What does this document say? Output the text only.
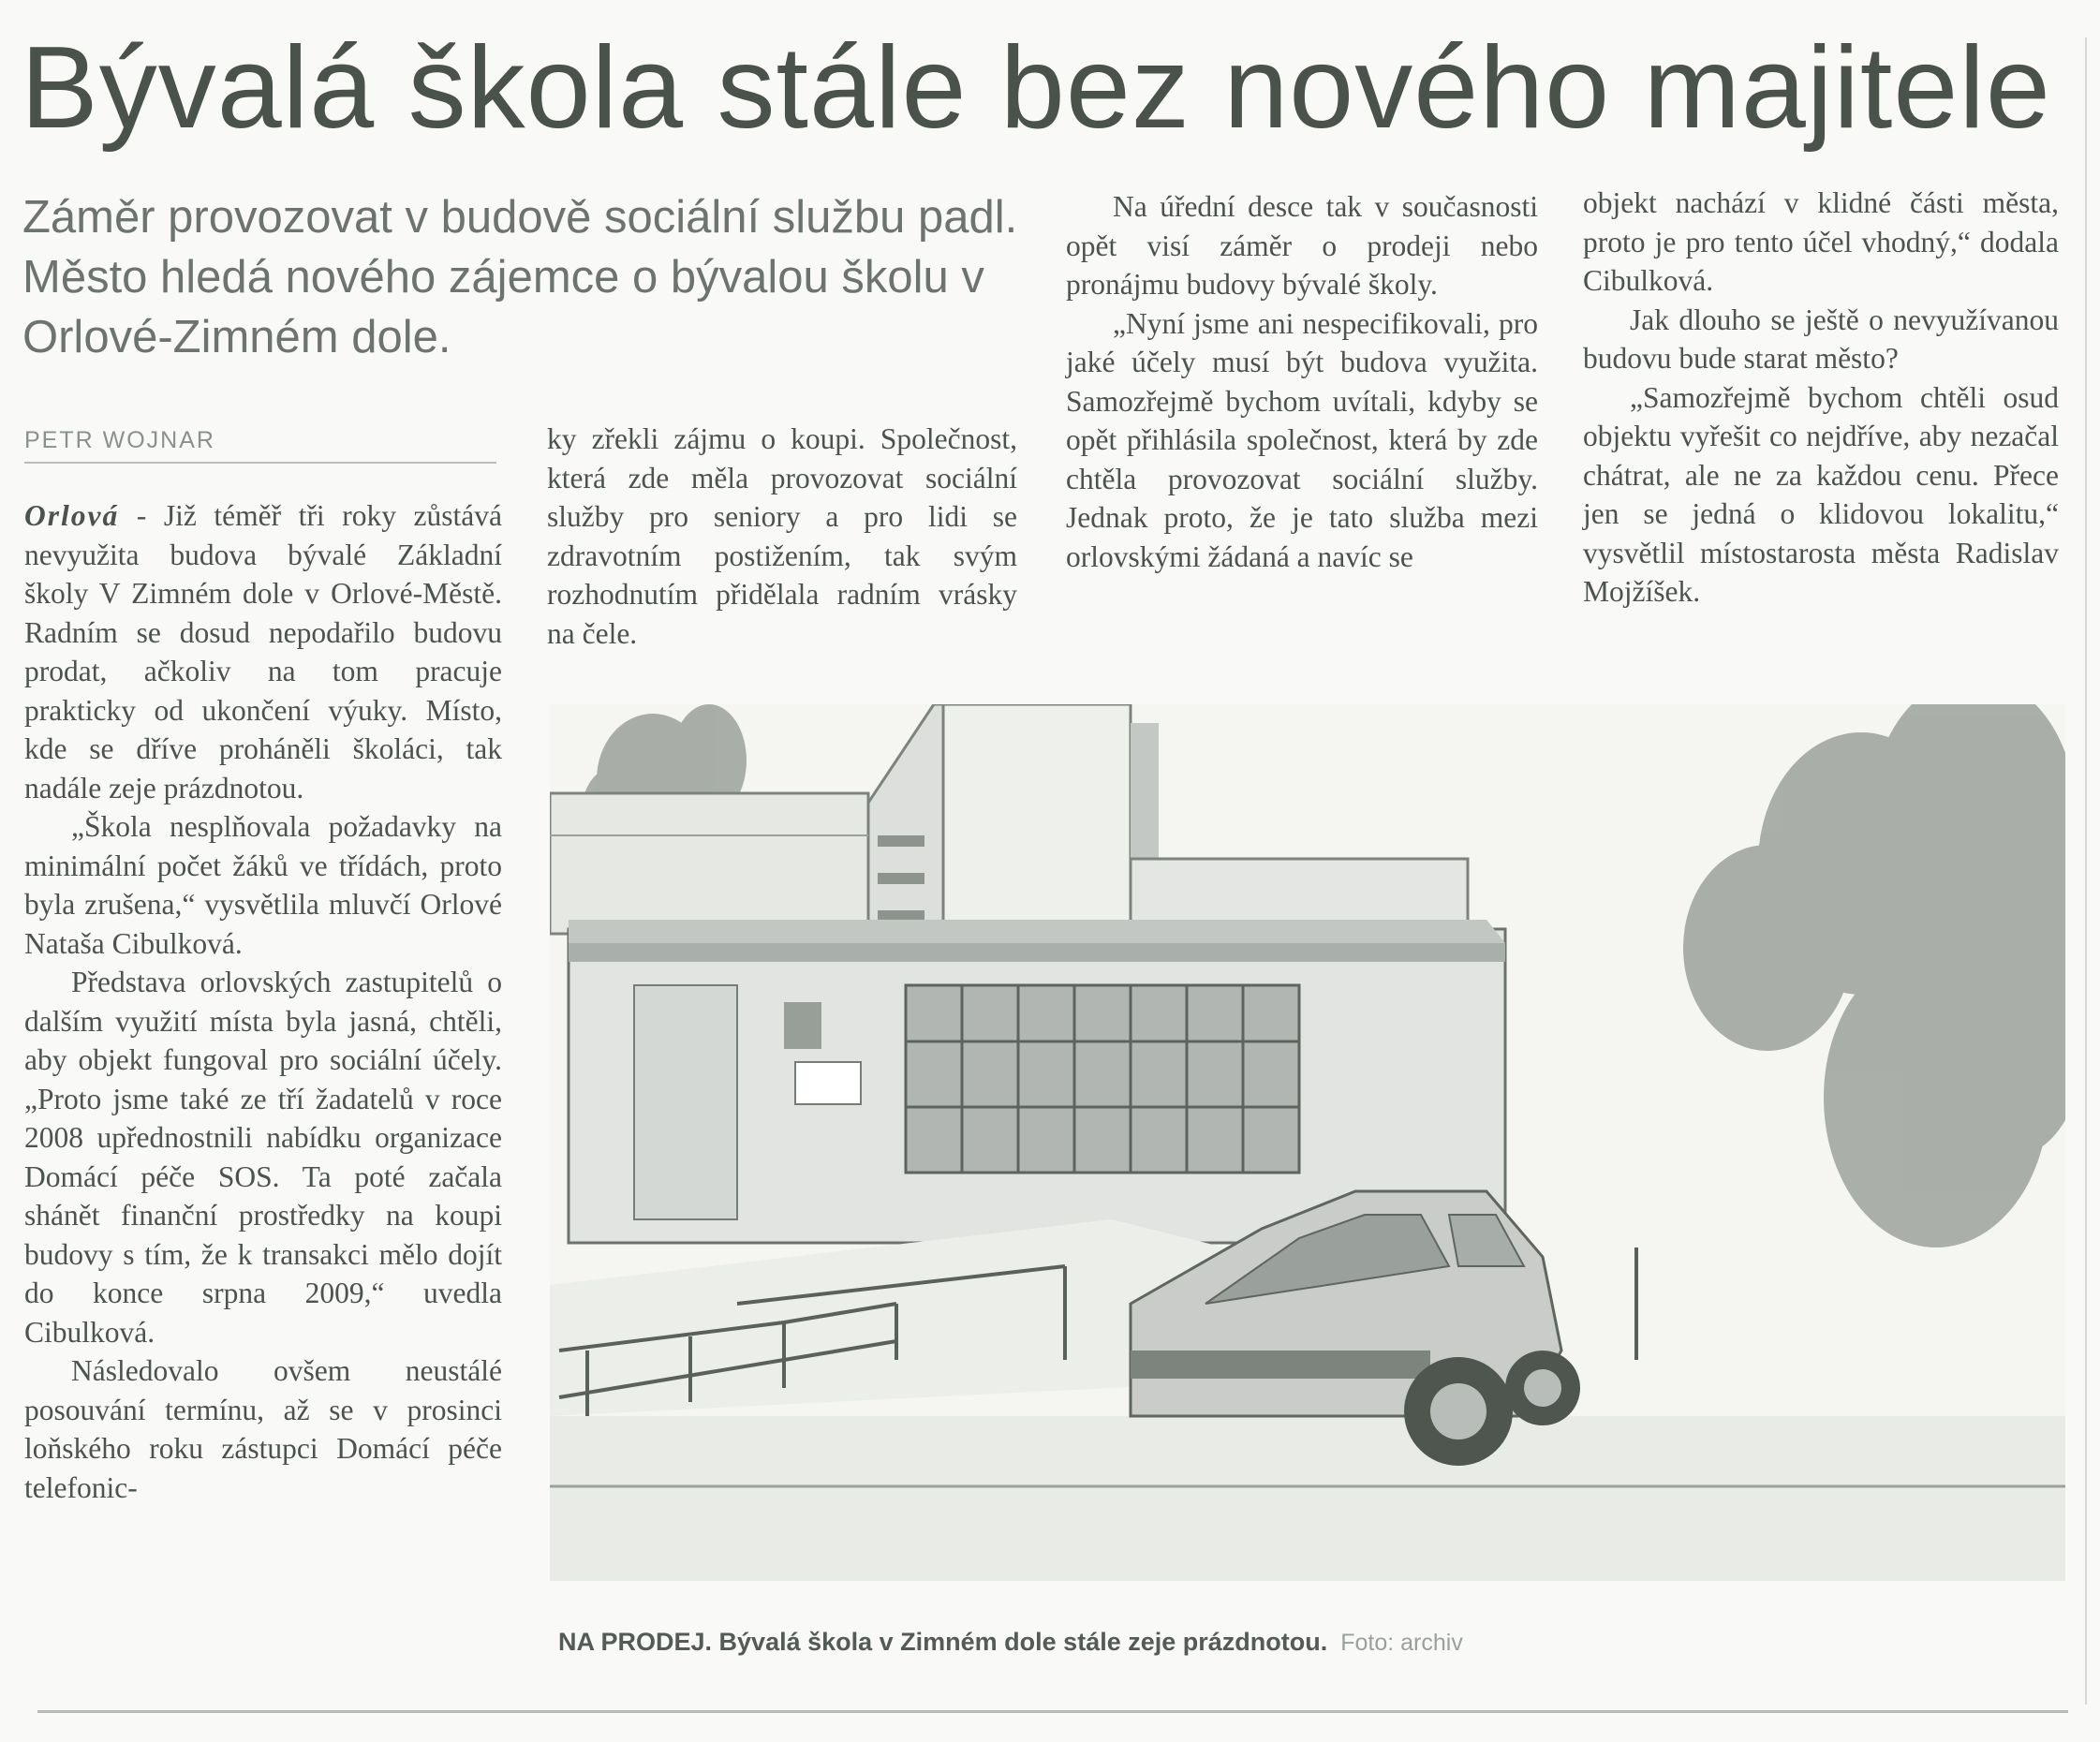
Bývalá škola stále bez nového majitele

Záměr provozovat v budově sociální službu padl. Město hledá nového zájemce o bývalou školu v Orlové-Zimném dole.

PETR WOJNAR

Orlová - Již téměř tři roky zůstává nevyužita budova bývalé Základní školy V Zimném dole v Orlové-Městě. Radním se dosud nepodařilo budovu prodat, ačkoliv na tom pracuje prakticky od ukončení výuky. Místo, kde se dříve proháněli školáci, tak nadále zeje prázdnotou.

„Škola nesplňovala požadavky na minimální počet žáků ve třídách, proto byla zrušena,“ vysvětlila mluvčí Orlové Nataša Cibulková.

Představa orlovských zastupitelů o dalším využití místa byla jasná, chtěli, aby objekt fungoval pro sociální účely. „Proto jsme také ze tří žadatelů v roce 2008 upřednostnili nabídku organizace Domácí péče SOS. Ta poté začala shánět finanční prostředky na koupi budovy s tím, že k transakci mělo dojít do konce srpna 2009,“ uvedla Cibulková.

Následovalo ovšem neustálé posouvání termínu, až se v prosinci loňského roku zástupci Domácí péče telefonic-

ky zřekli zájmu o koupi. Společnost, která zde měla provozovat sociální služby pro seniory a pro lidi se zdravotním postižením, tak svým rozhodnutím přidělala radním vrásky na čele.

Na úřední desce tak v současnosti opět visí záměr o prodeji nebo pronájmu budovy bývalé školy.

„Nyní jsme ani nespecifikovali, pro jaké účely musí být budova využita. Samozřejmě bychom uvítali, kdyby se opět přihlásila společnost, která by zde chtěla provozovat sociální služby. Jednak proto, že je tato služba mezi orlovskými žádaná a navíc se

objekt nachází v klidné části města, proto je pro tento účel vhodný,“ dodala Cibulková.

Jak dlouho se ještě o nevyužívanou budovu bude starat město?

„Samozřejmě bychom chtěli osud objektu vyřešit co nejdříve, aby nezačal chátrat, ale ne za každou cenu. Přece jen se jedná o klidovou lokalitu,“ vysvětlil místostarosta města Radislav Mojžíšek.

NA PRODEJ. Bývalá škola v Zimném dole stále zeje prázdnotou. Foto: archiv
